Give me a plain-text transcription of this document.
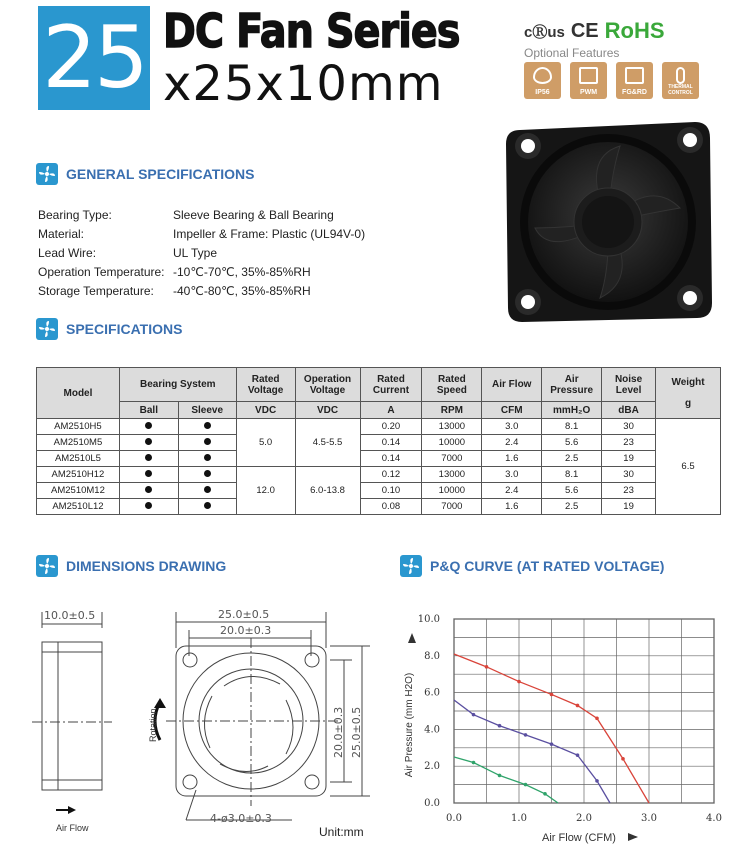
25 DC Fan Series
x25x10mm
cⓇus CE RoHS
Optional Features
IP56	PWM	FG&RD
THERMAL CONTROL
GENERAL SPECIFICATIONS
Bearing Type:	Sleeve Bearing & Ball Bearing
Material:	Impeller & Frame: Plastic (UL94V-0)
Lead Wire:	UL Type
Operation Temperature: -10℃-70℃, 35%-85%RH
Storage Temperature:	-40℃-80℃, 35%-85%RH
SPECIFICATIONS
Model	Bearing System		Rated Voltage	Operation Voltage	Rated Current	Rated Speed	Air Flow	Air Pressure	Noise Level	Weight
g

	Ball	Sleeve	VDC	VDC	A	RPM	CFM	mmH₂O	dBA	
AM2510H5			5.0	4.5-5.5	0.20	13000	3.0	8.1	30	6.5
AM2510M5					0.14	10000	2.4	5.6	23	
AM2510L5					0.14	7000	1.6	2.5	19	
AM2510H12			12.0	6.0-13.8	0.12	13000	3.0	8.1	30	
AM2510M12					0.10	10000	2.4	5.6	23	
AM2510L12					0.08	7000	1.6	2.5	19	
DIMENSIONS DRAWING
10.0±0.5	25.0±0.5
20.0±0.3
20.0±0.3 25.0±0.5
4-ø3.0±0.3
Rotation
Air Flow	Unit:mm
P&Q CURVE (AT RATED VOLTAGE)
0.0	1.0	2.0	3.0	4.0
0.0
2.0
4.0
6.0
8.0
10.0
Air Flow (CFM)
Air Pressure (mm H2O)
